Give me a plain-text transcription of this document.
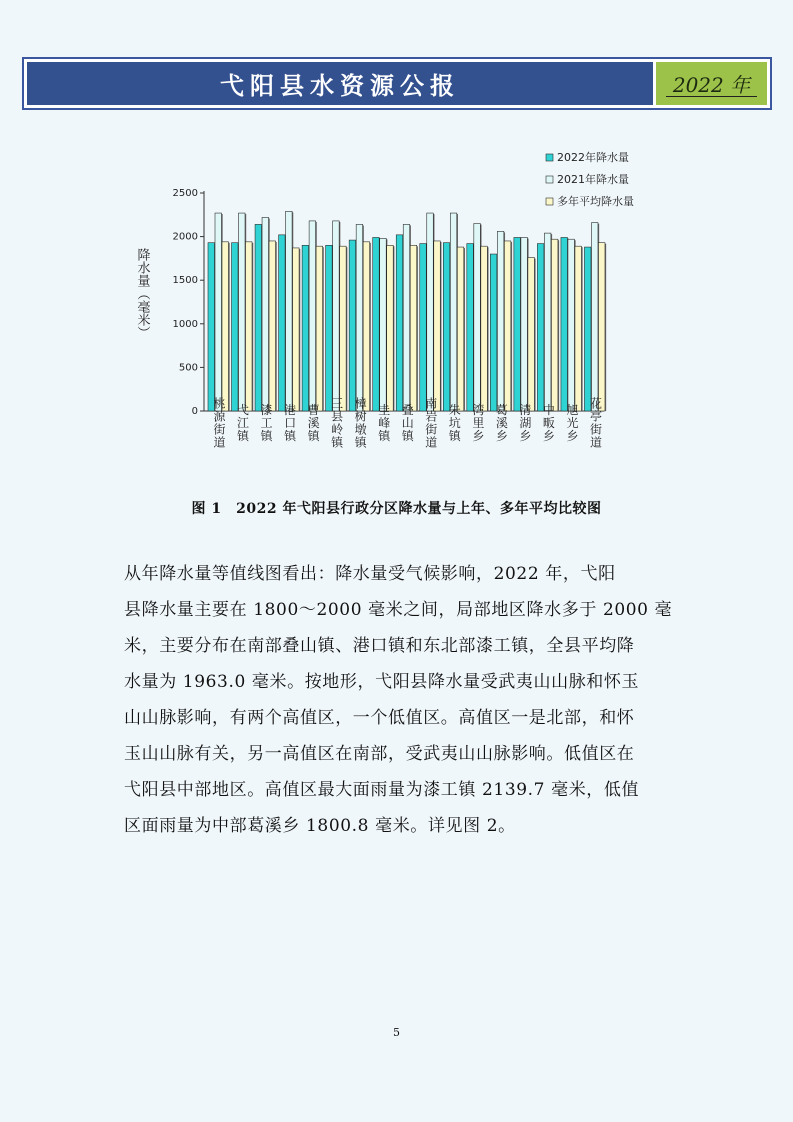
弋阳县水资源公报	2022 年
0
500
1000
1500
2000
2500
降水量（毫米）
桃源街道 弋江镇 漆工镇 港口镇 曹溪镇 三县岭镇 樟树墩镇 圭峰镇 叠山镇 南岩街道 朱坑镇 湾里乡 葛溪乡 清湖乡 中畈乡 旭光乡 花亭街道
2022年降水量
2021年降水量
多年平均降水量
图 1　2022 年弋阳县行政分区降水量与上年、多年平均比较图
从年降水量等值线图看出：降水量受气候影响，2022 年，弋阳
县降水量主要在 1800～2000 毫米之间，局部地区降水多于 2000 毫
米，主要分布在南部叠山镇、港口镇和东北部漆工镇，全县平均降
水量为 1963.0 毫米。按地形，弋阳县降水量受武夷山山脉和怀玉
山山脉影响，有两个高值区，一个低值区。高值区一是北部，和怀
玉山山脉有关，另一高值区在南部，受武夷山山脉影响。低值区在
弋阳县中部地区。高值区最大面雨量为漆工镇 2139.7 毫米，低值
区面雨量为中部葛溪乡 1800.8 毫米。详见图 2。
5
